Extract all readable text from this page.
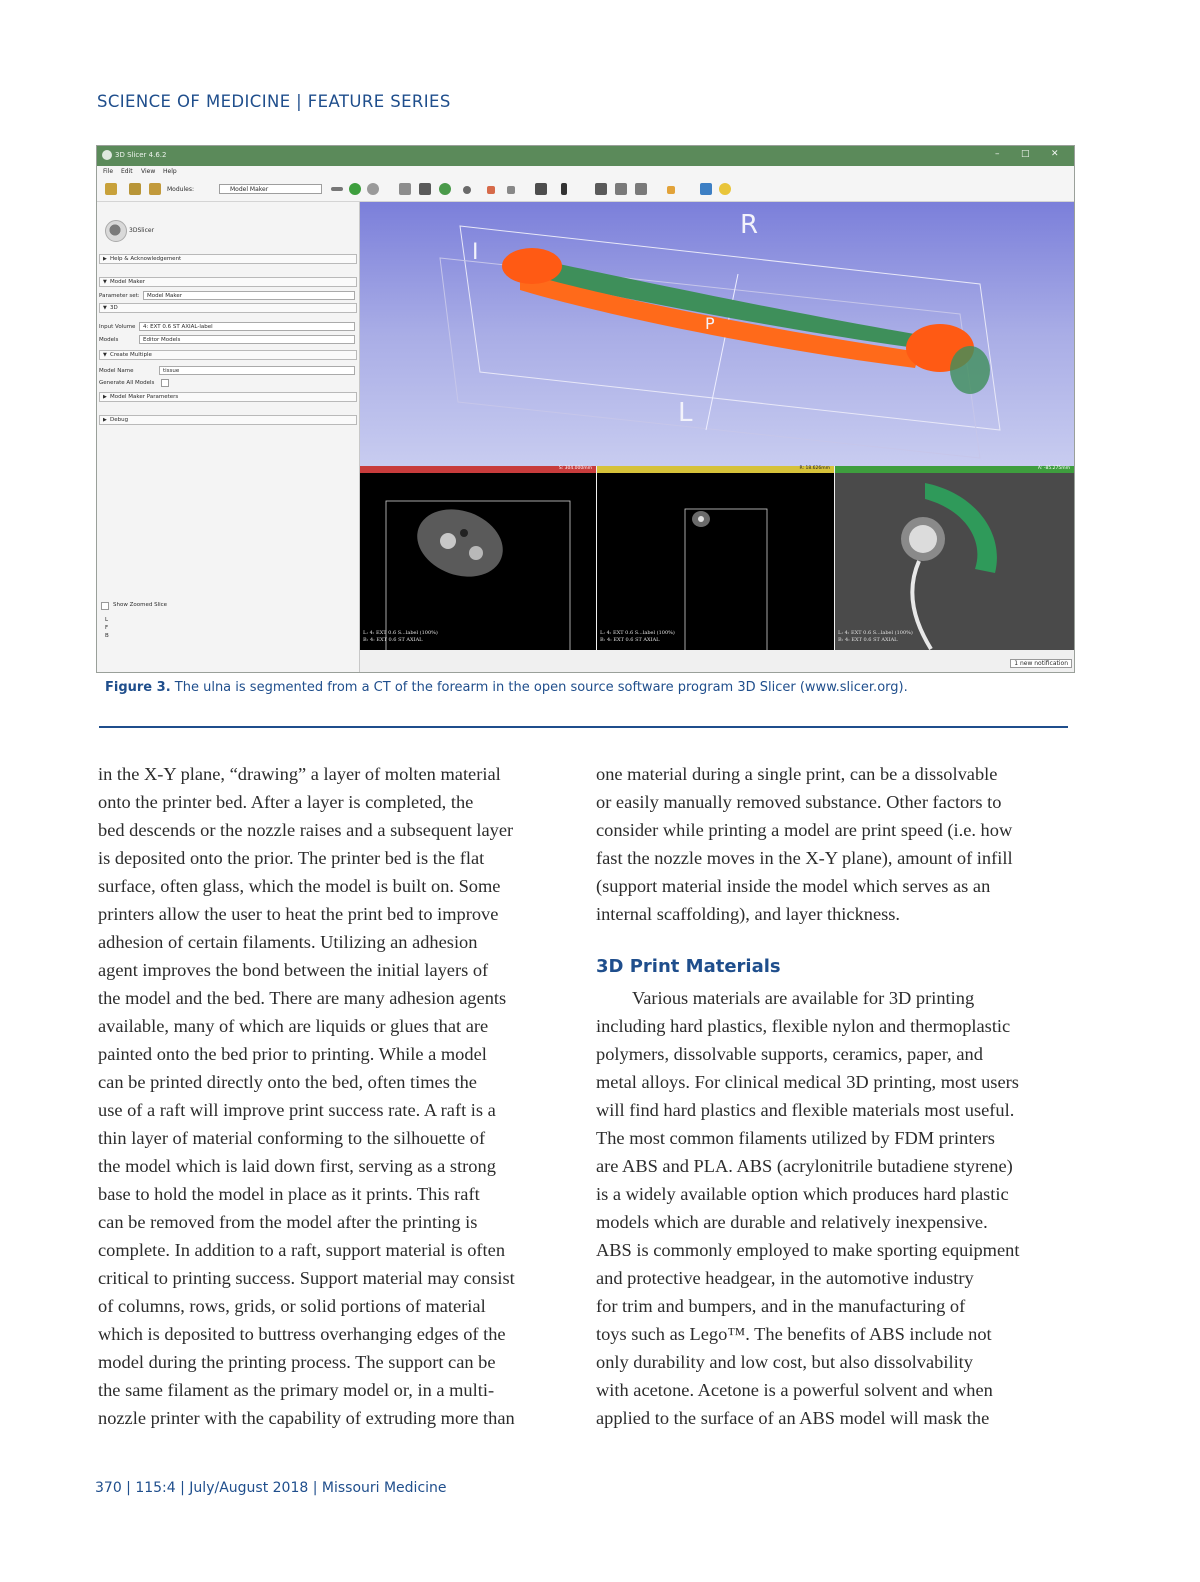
SCIENCE OF MEDICINE | FEATURE SERIES
3D Slicer 4.6.2	– □ ✕
File Edit View Help
Modules:	Model Maker
3DSlicer
▶ Help & Acknowledgement
▼ Model Maker
Parameter set:	Model Maker
▼ 3D
Input Volume	4: EXT 0.6 ST AXIAL-label
Models	Editor Models
▼ Create Multiple
Model Name	tissue
Generate All Models
▶ Model Maker Parameters
▶ Debug
R
L
I
P
S: 304.000mm	R: 18.626mm	A: -85.275mm
L: 4: EXT 0.6 S...label (100%)
B: 4: EXT 0.6 ST AXIAL
L: 4: EXT 0.6 S...label (100%)
B: 4: EXT 0.6 ST AXIAL
L: 4: EXT 0.6 S...label (100%)
B: 4: EXT 0.6 ST AXIAL
1 new notification
Show Zoomed Slice
L
F
B
Figure 3. The ulna is segmented from a CT of the forearm in the open source software program 3D Slicer (www.slicer.org).

in the X-Y plane, “drawing” a layer of molten material

onto the printer bed. After a layer is completed, the

bed descends or the nozzle raises and a subsequent layer

is deposited onto the prior. The printer bed is the flat

surface, often glass, which the model is built on. Some

printers allow the user to heat the print bed to improve

adhesion of certain filaments. Utilizing an adhesion

agent improves the bond between the initial layers of

the model and the bed. There are many adhesion agents

available, many of which are liquids or glues that are

painted onto the bed prior to printing. While a model

can be printed directly onto the bed, often times the

use of a raft will improve print success rate. A raft is a

thin layer of material conforming to the silhouette of

the model which is laid down first, serving as a strong

base to hold the model in place as it prints. This raft

can be removed from the model after the printing is

complete. In addition to a raft, support material is often

critical to printing success. Support material may consist

of columns, rows, grids, or solid portions of material

which is deposited to buttress overhanging edges of the

model during the printing process. The support can be

the same filament as the primary model or, in a multi-

nozzle printer with the capability of extruding more than

one material during a single print, can be a dissolvable

or easily manually removed substance. Other factors to

consider while printing a model are print speed (i.e. how

fast the nozzle moves in the X-Y plane), amount of infill

(support material inside the model which serves as an

internal scaffolding), and layer thickness.

3D Print Materials

Various materials are available for 3D printing

including hard plastics, flexible nylon and thermoplastic

polymers, dissolvable supports, ceramics, paper, and

metal alloys. For clinical medical 3D printing, most users

will find hard plastics and flexible materials most useful.

The most common filaments utilized by FDM printers

are ABS and PLA. ABS (acrylonitrile butadiene styrene)

is a widely available option which produces hard plastic

models which are durable and relatively inexpensive.

ABS is commonly employed to make sporting equipment

and protective headgear, in the automotive industry

for trim and bumpers, and in the manufacturing of

toys such as Lego™. The benefits of ABS include not

only durability and low cost, but also dissolvability

with acetone. Acetone is a powerful solvent and when

applied to the surface of an ABS model will mask the

370 | 115:4 | July/August 2018 | Missouri Medicine
